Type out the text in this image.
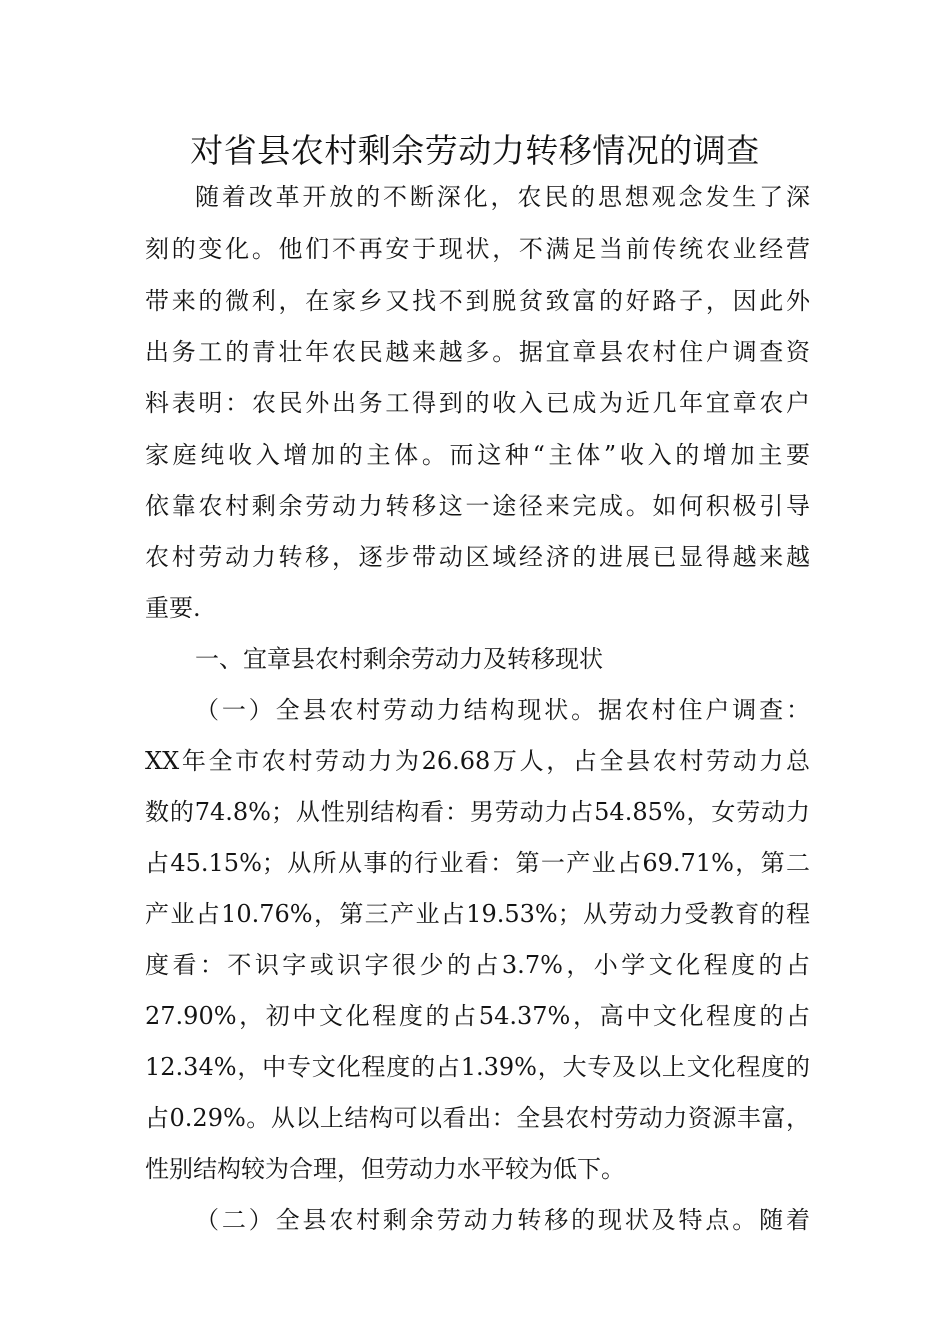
对省县农村剩余劳动力转移情况的调查
随着改革开放的不断深化，农民的思想观念发生了深
刻的变化。他们不再安于现状，不满足当前传统农业经营
带来的微利，在家乡又找不到脱贫致富的好路子，因此外
出务工的青壮年农民越来越多。据宜章县农村住户调查资
料表明：农民外出务工得到的收入已成为近几年宜章农户
家庭纯收入增加的主体。而这种“主体”收入的增加主要
依靠农村剩余劳动力转移这一途径来完成。如何积极引导
农村劳动力转移，逐步带动区域经济的进展已显得越来越
重要.
一、宜章县农村剩余劳动力及转移现状
（一）全县农村劳动力结构现状。据农村住户调查：
XX年全市农村劳动力为26.68万人，占全县农村劳动力总
数的74.8%；从性别结构看：男劳动力占54.85%，女劳动力
占45.15%；从所从事的行业看：第一产业占69.71%，第二
产业占10.76%，第三产业占19.53%；从劳动力受教育的程
度看：不识字或识字很少的占3.7%，小学文化程度的占
27.90%，初中文化程度的占54.37%，高中文化程度的占
12.34%，中专文化程度的占1.39%，大专及以上文化程度的
占0.29%。从以上结构可以看出：全县农村劳动力资源丰富，
性别结构较为合理，但劳动力水平较为低下。
（二）全县农村剩余劳动力转移的现状及特点。随着
